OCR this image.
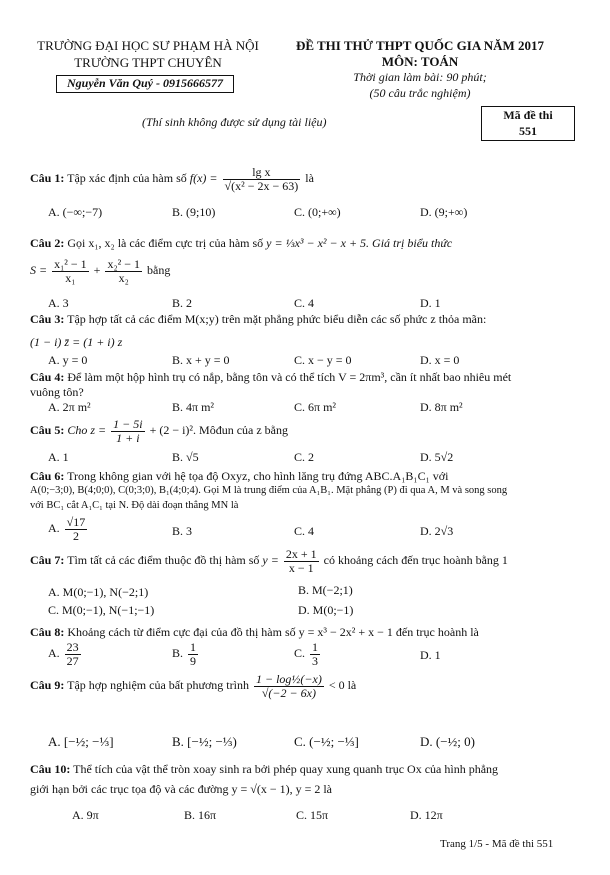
TRƯỜNG ĐẠI HỌC SƯ PHẠM HÀ NỘI
TRƯỜNG THPT CHUYÊN
Nguyễn Văn Quý - 0915666577
ĐỀ THI THỬ THPT QUỐC GIA NĂM 2017
MÔN: TOÁN
Thời gian làm bài: 90 phút;
(50 câu trắc nghiệm)
(Thí sinh không được sử dụng tài liệu)	Mã đề thi
551
Câu 1: Tập xác định của hàm số $f(x) = \frac{\text{lg x}}{\text{√(x² − 2x − 63)}}$ là
A. (−∞;−7)	B. (9;10)	C. (0;+∞)	D. (9;+∞)
Câu 2: Gọi x₁, x₂ là các điểm cực trị của hàm số y = ⅓x³ − x² − x + 5. Giá trị biểu thức
$S = \frac{\text{x₁² − 1}}{\text{x₁}} + \frac{\text{x₂² − 1}}{\text{x₂}}$ bằng
A. 3	B. 2	C. 4	D. 1
Câu 3: Tập hợp tất cả các điểm M(x;y) trên mặt phẳng phức biểu diễn các số phức z thỏa mãn:
(1 − i) z̄ = (1 + i) z
A. y = 0	B. x + y = 0	C. x − y = 0	D. x = 0
Câu 4: Để làm một hộp hình trụ có nắp, bằng tôn và có thể tích V = 2πm³, cần ít nhất bao nhiêu mét
vuông tôn?
A. 2π m²	B. 4π m²	C. 6π m²	D. 8π m²
Câu 5: Cho $z = \frac{1 - 5i}{1 + i} + (2 - i)^2$. Môđun của z bằng
A. 1	B. √5	C. 2	D. 5√2
Câu 6: Trong không gian với hệ tọa độ Oxyz, cho hình lăng trụ đứng ABC.A₁B₁C₁ với
A(0;−3;0), B(4;0;0), C(0;3;0), B₁(4;0;4). Gọi M là trung điểm của A₁B₁. Mặt phẳng (P) đi qua A, M và song song
với BC₁ cắt A₁C₁ tại N. Độ dài đoạn thẳng MN là
A. $\frac{√17}{2}$	B. 3	C. 4	D. 2√3
Câu 7: Tìm tất cả các điểm thuộc đồ thị hàm số $y = \frac{2x + 1}{x - 1}$ có khoảng cách đến trục hoành bằng 1
A. M(0;−1), N(−2;1)	B. M(−2;1)
C. M(0;−1), N(−1;−1)	D. M(0;−1)
Câu 8: Khoảng cách từ điểm cực đại của đồ thị hàm số y = x³ − 2x² + x − 1 đến trục hoành là
A. $\frac{23}{27}$	B. $\frac{1}{9}$	C. $\frac{1}{3}$	D. 1
Câu 9: Tập hợp nghiệm của bất phương trình $\frac{\text{1 − log½(−x)}}{√(-2 - 6x)} < 0$ là
A. [−½; −⅓]	B. [−½; −⅓)	C. (−½; −⅓]	D. (−½; 0)
Câu 10: Thể tích của vật thể tròn xoay sinh ra bởi phép quay xung quanh trục Ox của hình phẳng
giới hạn bởi các trục tọa độ và các đường y = √(x − 1), y = 2 là
A. 9π	B. 16π	C. 15π	D. 12π
Trang 1/5 - Mã đề thi 551
